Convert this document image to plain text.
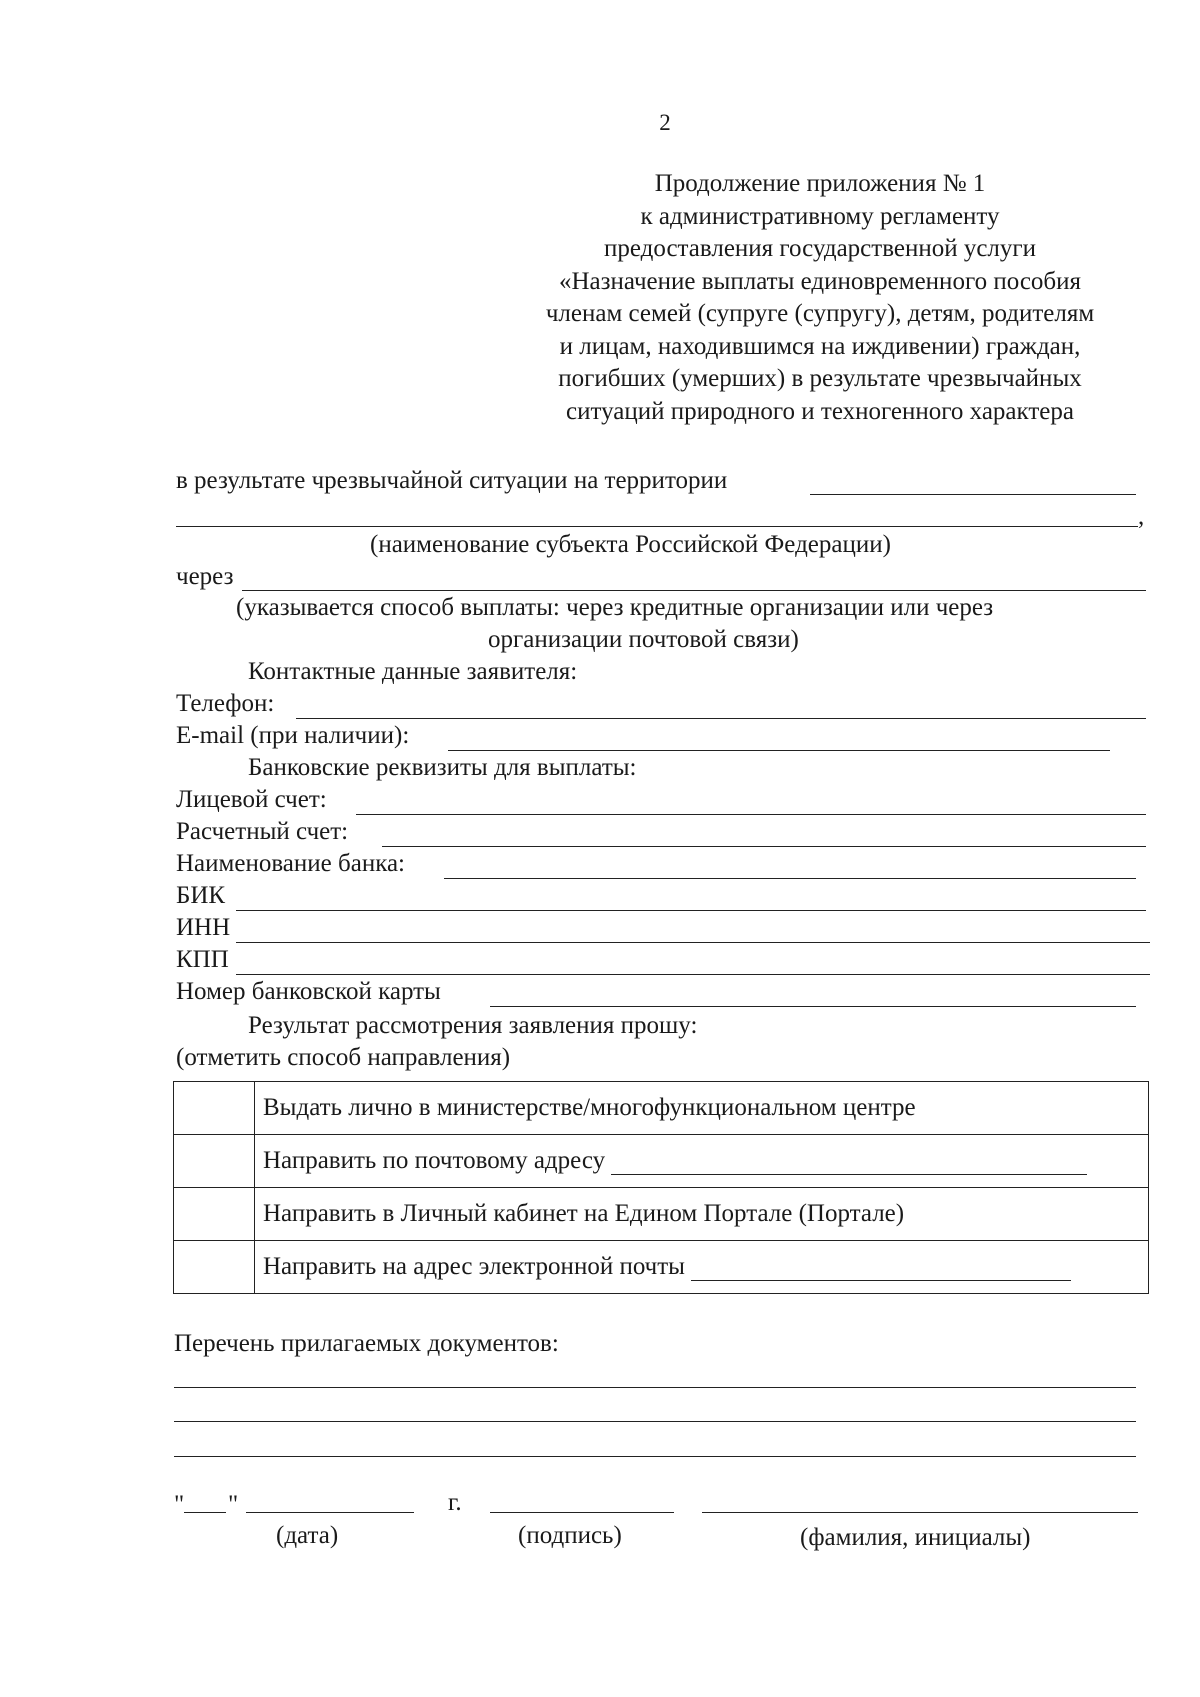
2
Продолжение приложения № 1
к административному регламенту
предоставления государственной услуги
«Назначение выплаты единовременного пособия
членам семей (супруге (супругу), детям, родителям
и лицам, находившимся на иждивении) граждан,
погибших (умерших) в результате чрезвычайных
ситуаций природного и техногенного характера
в результате чрезвычайной ситуации на территории
,
(наименование субъекта Российской Федерации)
через
(указывается способ выплаты: через кредитные организации или через
организации почтовой связи)
Контактные данные заявителя:
Телефон:
E-mail (при наличии):
Банковские реквизиты для выплаты:
Лицевой счет:
Расчетный счет:
Наименование банка:
БИК
ИНН
КПП
Номер банковской карты
Результат рассмотрения заявления прошу:
(отметить способ направления)
	Выдать лично в министерстве/многофункциональном центре
	Направить по почтовому адресу
	Направить в Личный кабинет на Едином Портале (Портале)
	Направить на адрес электронной почты
Перечень прилагаемых документов:
" "	г.
(дата)	(подпись)	(фамилия, инициалы)
